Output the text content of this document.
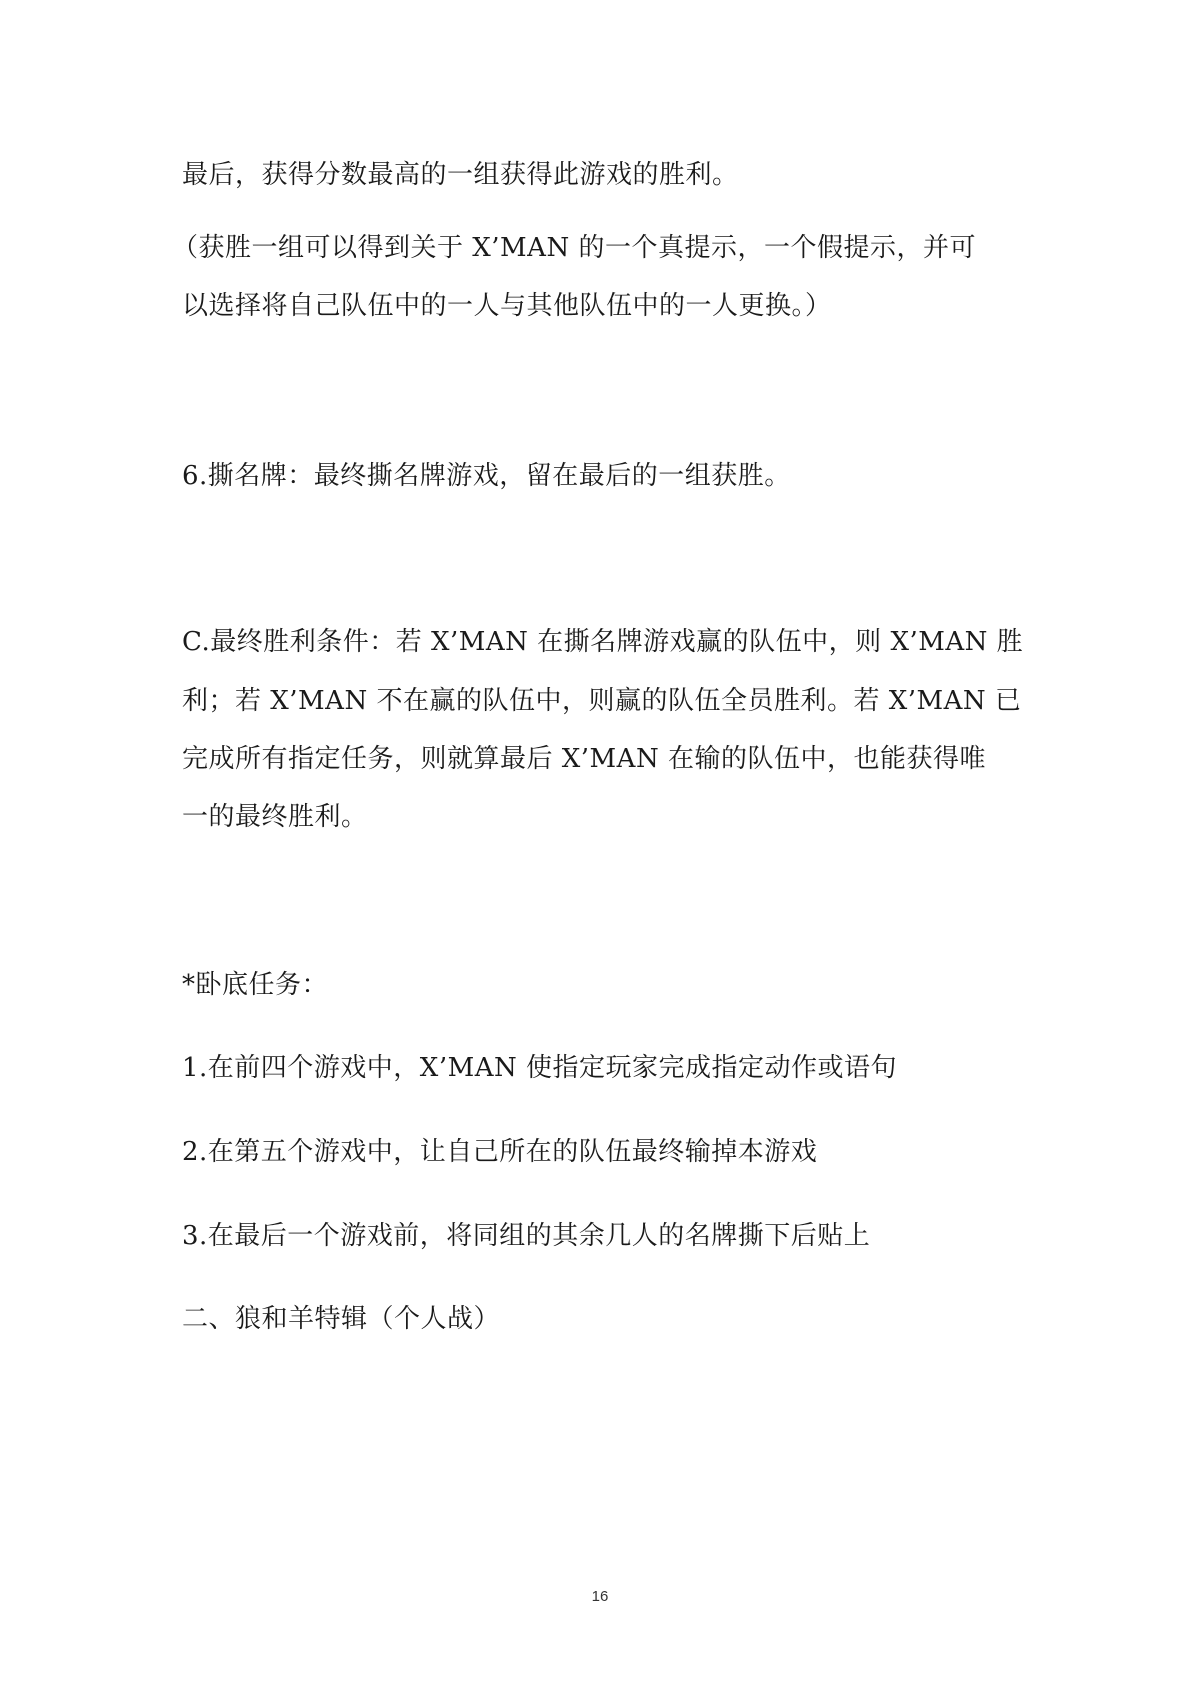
最后，获得分数最高的一组获得此游戏的胜利。
（获胜一组可以得到关于 X’MAN 的一个真提示，一个假提示，并可
以选择将自己队伍中的一人与其他队伍中的一人更换。）
6.撕名牌：最终撕名牌游戏，留在最后的一组获胜。
C.最终胜利条件：若 X’MAN 在撕名牌游戏赢的队伍中，则 X’MAN 胜
利；若 X’MAN 不在赢的队伍中，则赢的队伍全员胜利。若 X’MAN 已
完成所有指定任务，则就算最后 X’MAN 在输的队伍中，也能获得唯
一的最终胜利。
*卧底任务：
1.在前四个游戏中，X’MAN 使指定玩家完成指定动作或语句
2.在第五个游戏中，让自己所在的队伍最终输掉本游戏
3.在最后一个游戏前，将同组的其余几人的名牌撕下后贴上
二、狼和羊特辑（个人战）
16
